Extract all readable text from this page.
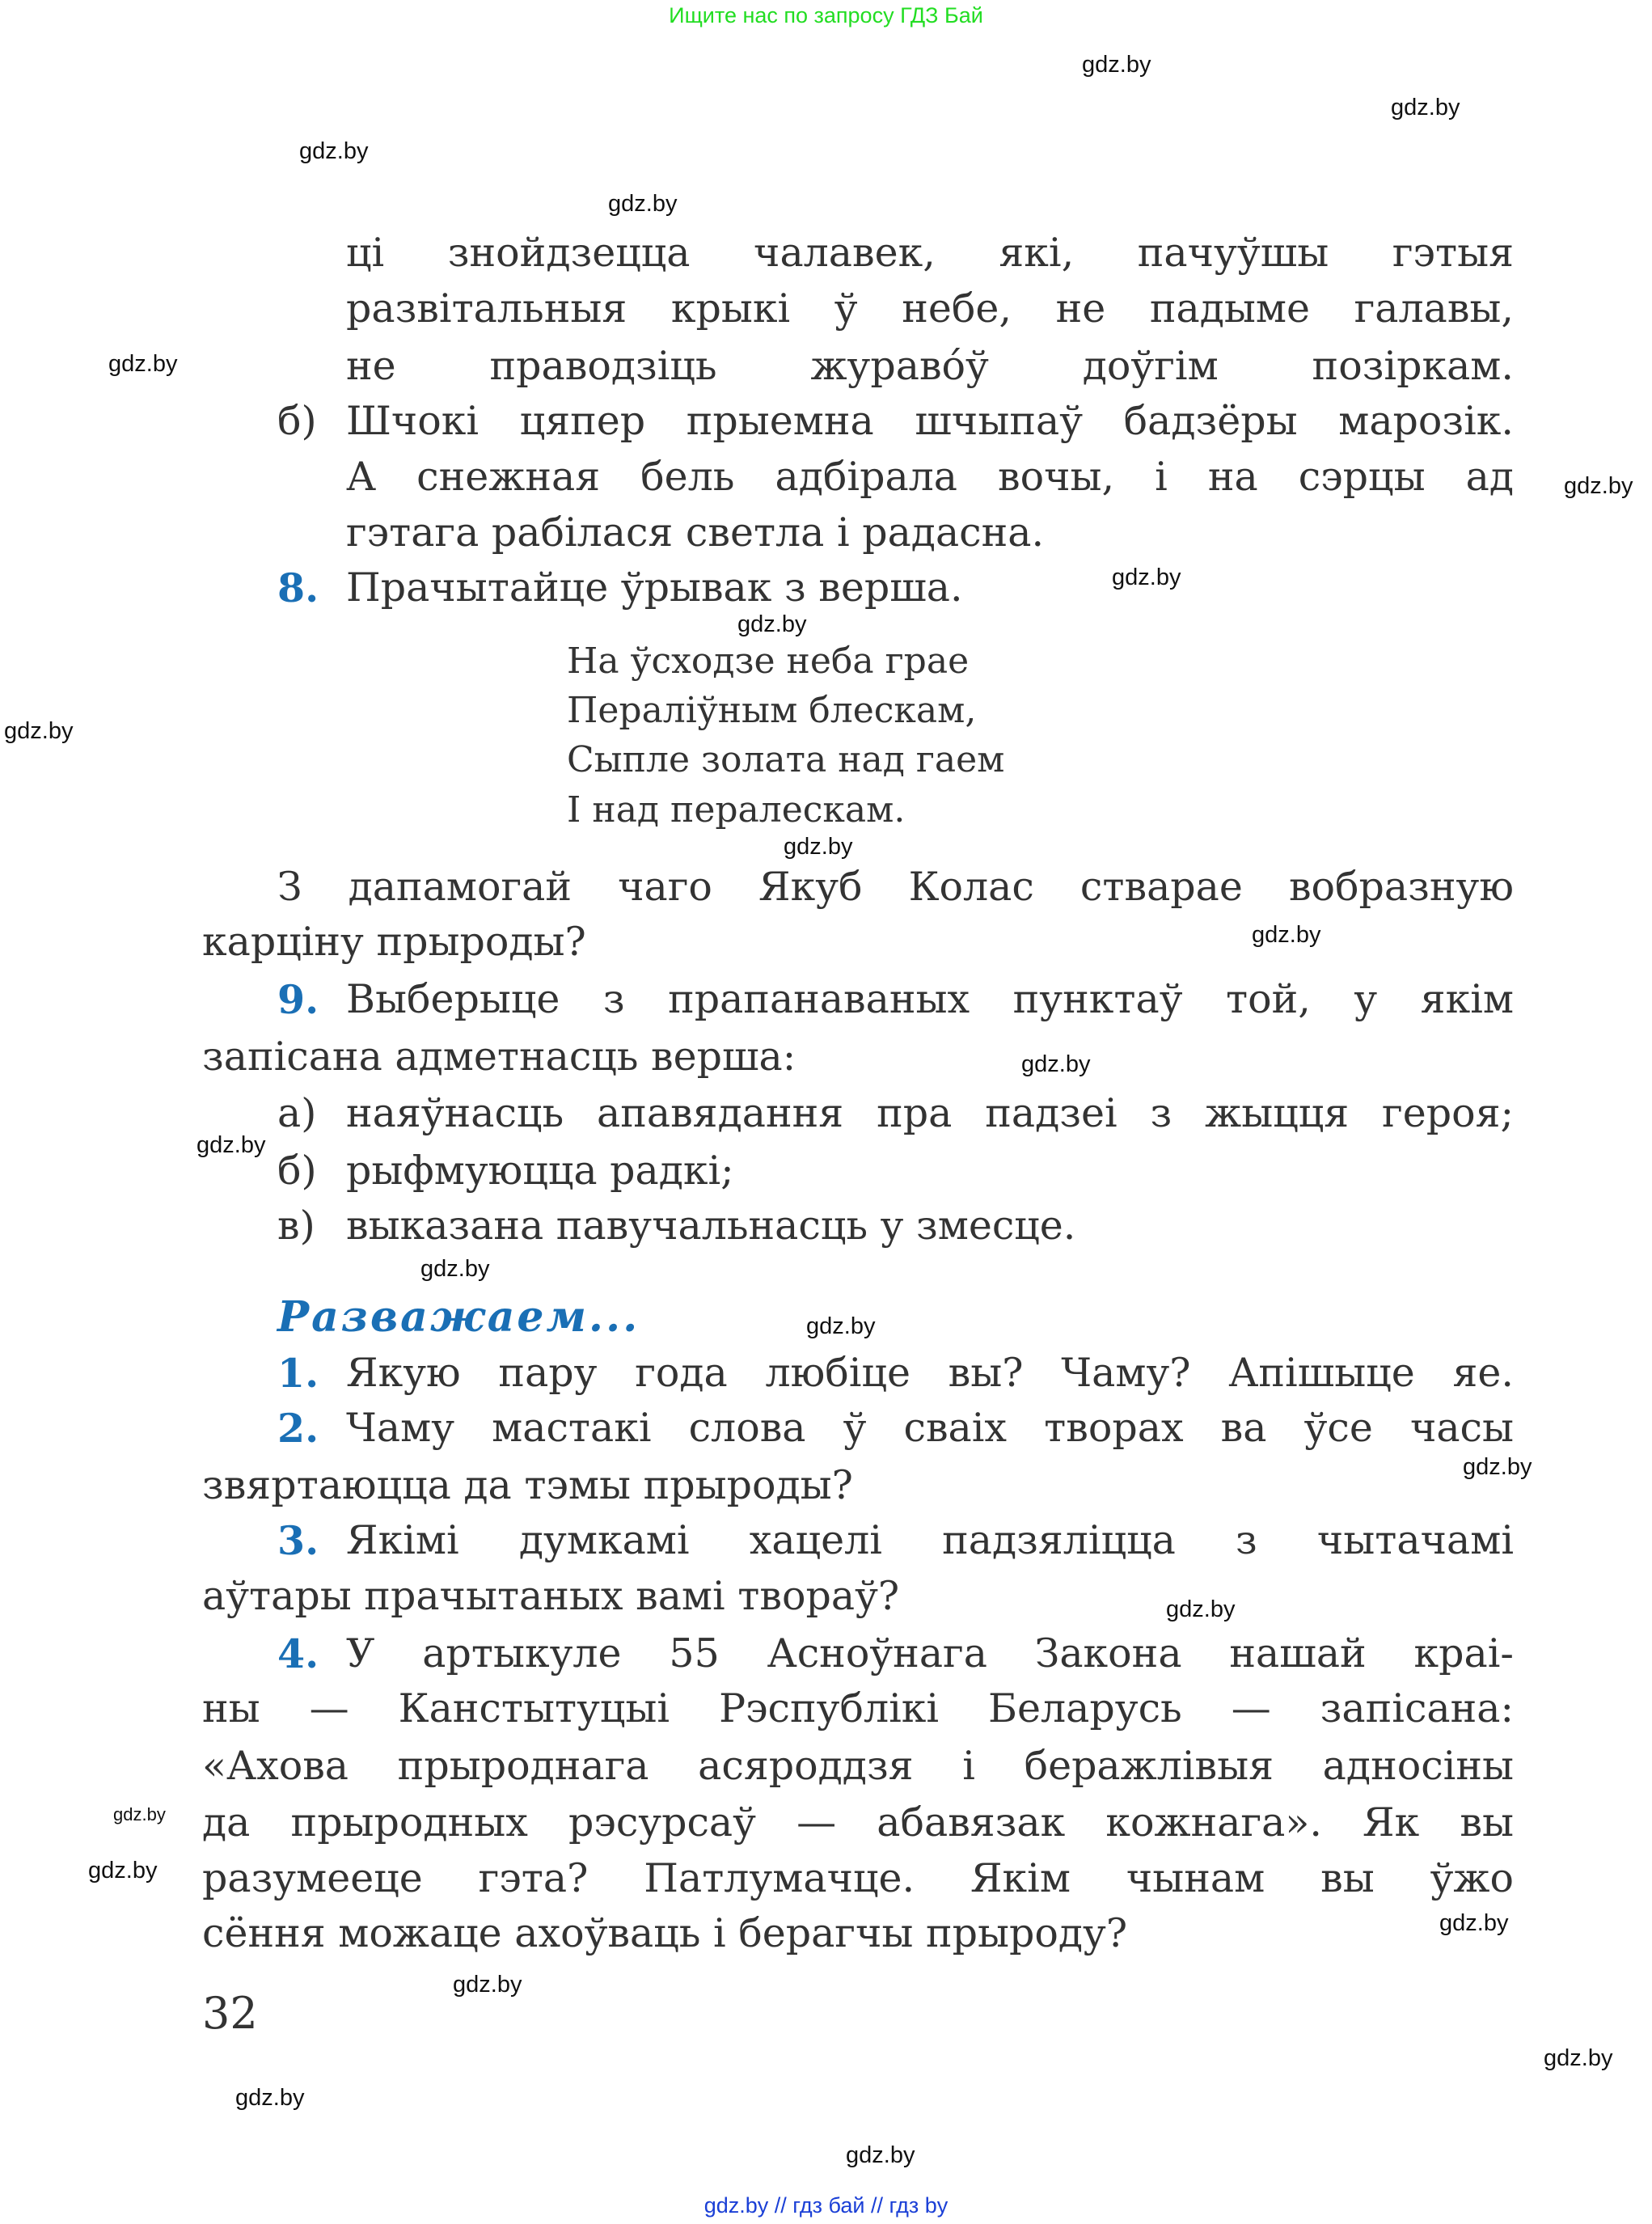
Ищите нас по запросу ГДЗ Бай
ці знойдзецца чалавек, які, пачуўшы гэтыя
развітальныя крыкі ў небе, не падыме галавы,
не праводзіць жураво́ў доўгім позіркам.
б) Шчокі цяпер прыемна шчыпаў бадзёры марозік.
А снежная бель адбірала вочы, і на сэрцы ад
гэтага рабілася светла і радасна.
8. Прачытайце ўрывак з верша.
На ўсходзе неба грае
Пераліўным блескам,
Сыпле золата над гаем
І над пералескам.
З дапамогай чаго Якуб Колас стварае вобразную
карціну прыроды?
9. Выберыце з прапанаваных пунктаў той, у якім
запісана адметнасць верша:
а) наяўнасць апавядання пра падзеі з жыцця героя;
б) рыфмуюцца радкі;
в) выказана павучальнасць у змесце.
Разважаем...
1. Якую пару года любіце вы? Чаму? Апішыце яе.
2. Чаму мастакі слова ў сваіх творах ва ўсе часы
звяртаюцца да тэмы прыроды?
3. Якімі думкамі хацелі падзяліцца з чытачамі
аўтары прачытаных вамі твораў?
4. У артыкуле 55 Асноўнага Закона нашай краі-
ны — Канстытуцыі Рэспублікі Беларусь — запісана:
«Ахова прыроднага асяроддзя і беражлівыя адносіны
да прыродных рэсурсаў — абавязак кожнага». Як вы
разумееце гэта? Патлумачце. Якім чынам вы ўжо
сёння можаце ахоўваць і берагчы прыроду?
32
gdz.by
gdz.by
gdz.by
gdz.by
gdz.by
gdz.by
gdz.by
gdz.by
gdz.by
gdz.by
gdz.by
gdz.by
gdz.by
gdz.by
gdz.by
gdz.by
gdz.by
gdz.by
gdz.by
gdz.by
gdz.by
gdz.by
gdz.by
gdz.by
gdz.by // гдз бай // гдз by
